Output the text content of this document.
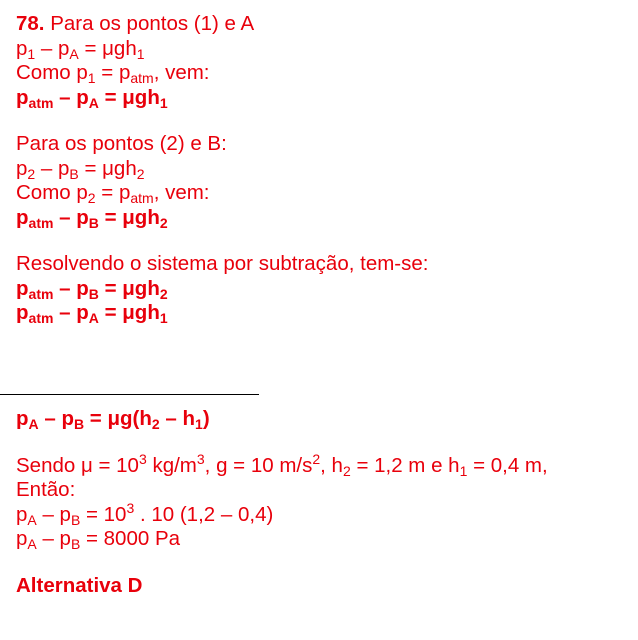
78. Para os pontos (1) e A
$p_1 - p_A = \mu gh_1$
Como $p_1 = p_{atm}$, vem:
$p_{atm} - p_A = \mu gh_1$
Para os pontos (2) e B:
$p_2 - p_B = \mu gh_2$
Como $p_2 = p_{atm}$, vem:
$p_{atm} - p_B = \mu gh_2$
Resolvendo o sistema por subtração, tem-se:
$p_{atm} - p_B = \mu gh_2$
$p_{atm} - p_A = \mu gh_1$
$p_A - p_B = \mu g(h_2 - h_1)$
Sendo $\mu = 10^3$ $kg/m^3$, g = 10 $m/s^2$, $h_2 = 1,2$ m e $h_1 = 0,4$ m,
Então:
$p_A - p_B = 10^3$ . 10 (1,2 – 0,4)
$p_A - p_B = 8000$ Pa
Alternativa D
